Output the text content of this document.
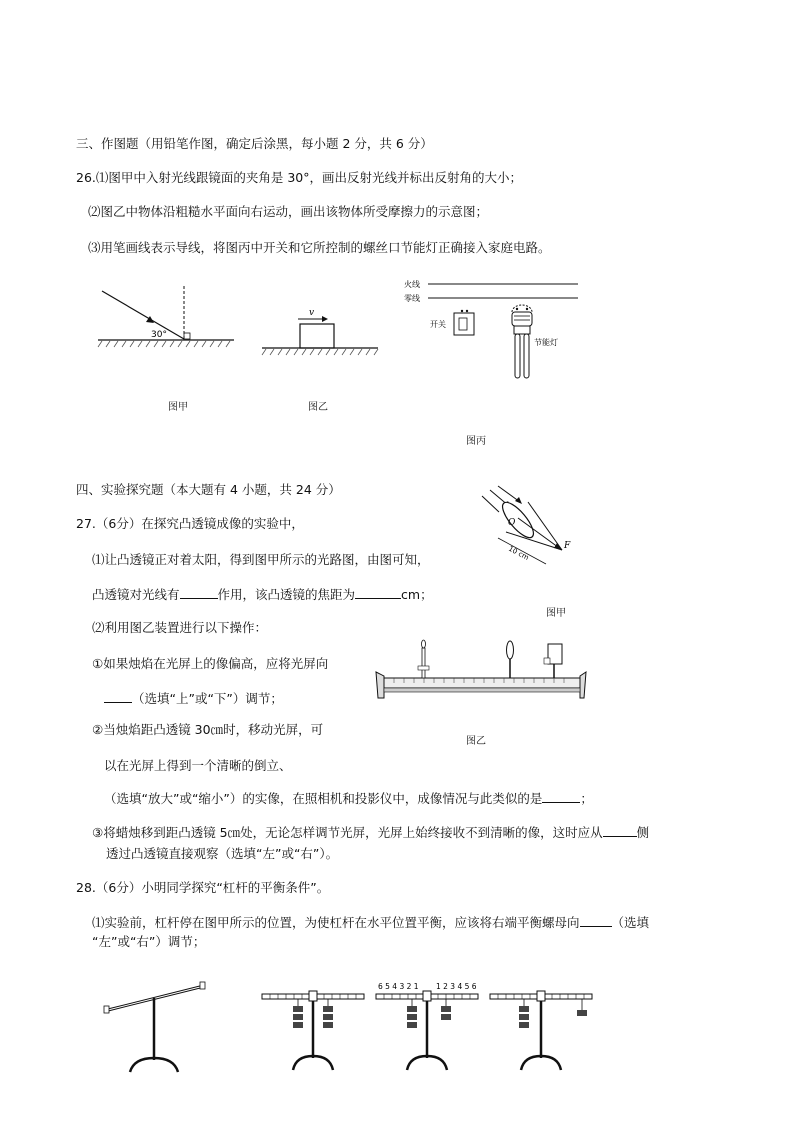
三、作图题（用铅笔作图，确定后涂黑，每小题 2 分，共 6 分）
26.⑴图甲中入射光线跟镜面的夹角是 30°，画出反射光线并标出反射角的大小；
⑵图乙中物体沿粗糙水平面向右运动，画出该物体所受摩擦力的示意图；
⑶用笔画线表示导线，将图丙中开关和它所控制的螺丝口节能灯正确接入家庭电路。
30°
图甲
v
图乙
火线
零线
开关
节能灯
图丙
四、实验探究题（本大题有 4 小题，共 24 分）
27.（6分）在探究凸透镜成像的实验中，
⑴让凸透镜正对着太阳，得到图甲所示的光路图，由图可知，
凸透镜对光线有	作用，该凸透镜的焦距为	cm；
O
F
10 cm
图甲
⑵利用图乙装置进行以下操作：
①如果烛焰在光屏上的像偏高，应将光屏向
（选填“上”或“下”）调节；
图乙
②当烛焰距凸透镜 30㎝时，移动光屏，可
以在光屏上得到一个清晰的倒立、
（选填“放大”或“缩小”）的实像，在照相机和投影仪中，成像情况与此类似的是	；
③将蜡烛移到距凸透镜 5㎝处，无论怎样调节光屏，光屏上始终接收不到清晰的像，这时应从	侧
透过凸透镜直接观察（选填“左”或“右”）。
28.（6分）小明同学探究“杠杆的平衡条件”。
⑴实验前，杠杆停在图甲所示的位置，为使杠杆在水平位置平衡，应该将右端平衡螺母向	（选填
“左”或“右”）调节；
6 5 4 3 2 1 1 2 3 4 5 6
